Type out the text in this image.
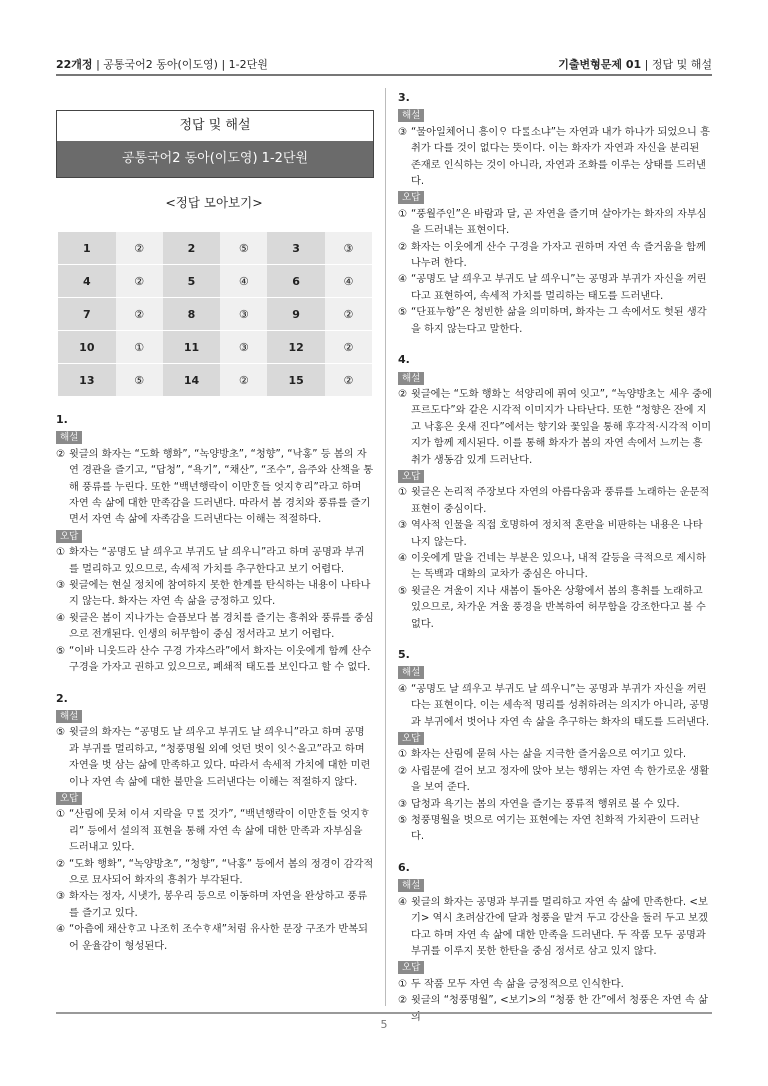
22개정 | 공통국어2 동아(이도영) | 1-2단원	기출변형문제 01 | 정답 및 해설
정답 및 해설
공통국어2 동아(이도영) 1-2단원
<정답 모아보기>
1	②	2	⑤	3	③
4	②	5	④	6	④
7	②	8	③	9	②
10	①	11	③	12	②
13	⑤	14	②	15	②
1.
해설
② 윗글의 화자는 “도화 행화”, “녹양방초”, “청향”, “낙홍” 등 봄의 자연 경관을 즐기고, “답청”, “욕기”, “채산”, “조수”, 음주와 산책을 통해 풍류를 누린다. 또한 “백년행락이 이만ᄒᆞᆫ들 엇지ᄒᆞ리”라고 하며 자연 속 삶에 대한 만족감을 드러낸다. 따라서 봄 경치와 풍류를 즐기면서 자연 속 삶에 자족감을 드러낸다는 이해는 적절하다.
오답
① 화자는 “공명도 날 ᄭᅴ우고 부귀도 날 ᄭᅴ우니”라고 하며 공명과 부귀를 멀리하고 있으므로, 속세적 가치를 추구한다고 보기 어렵다.
③ 윗글에는 현실 정치에 참여하지 못한 한계를 탄식하는 내용이 나타나지 않는다. 화자는 자연 속 삶을 긍정하고 있다.
④ 윗글은 봄이 지나가는 슬픔보다 봄 경치를 즐기는 흥취와 풍류를 중심으로 전개된다. 인생의 허무함이 중심 정서라고 보기 어렵다.
⑤ “이바 니웃드라 산수 구경 가쟈스라”에서 화자는 이웃에게 함께 산수 구경을 가자고 권하고 있으므로, 폐쇄적 태도를 보인다고 할 수 없다.
2.
해설
⑤ 윗글의 화자는 “공명도 날 ᄭᅴ우고 부귀도 날 ᄭᅴ우니”라고 하며 공명과 부귀를 멀리하고, “청풍명월 외예 엇던 벗이 잇ᄉᆞ올고”라고 하며 자연을 벗 삼는 삶에 만족하고 있다. 따라서 속세적 가치에 대한 미련이나 자연 속 삶에 대한 불만을 드러낸다는 이해는 적절하지 않다.
오답
① “산림에 뭇쳐 이셔 지락을 ᄆᆞᄅᆞᆯ 것가”, “백년행락이 이만ᄒᆞᆫ들 엇지ᄒᆞ리” 등에서 설의적 표현을 통해 자연 속 삶에 대한 만족과 자부심을 드러내고 있다.
② “도화 행화”, “녹양방초”, “청향”, “낙홍” 등에서 봄의 정경이 감각적으로 묘사되어 화자의 흥취가 부각된다.
③ 화자는 정자, 시냇가, 봉우리 등으로 이동하며 자연을 완상하고 풍류를 즐기고 있다.
④ “아츰에 채산ᄒᆞ고 나조ᄒᆡ 조수ᄒᆞ새”처럼 유사한 문장 구조가 반복되어 운율감이 형성된다.
3.
해설
③ “물아일체어니 흥이ᄋᆞ 다ᄅᆞᆯ소냐”는 자연과 내가 하나가 되었으니 흥취가 다를 것이 없다는 뜻이다. 이는 화자가 자연과 자신을 분리된 존재로 인식하는 것이 아니라, 자연과 조화를 이루는 상태를 드러낸다.
오답
① “풍월주인”은 바람과 달, 곧 자연을 즐기며 살아가는 화자의 자부심을 드러내는 표현이다.
② 화자는 이웃에게 산수 구경을 가자고 권하며 자연 속 즐거움을 함께 나누려 한다.
④ “공명도 날 ᄭᅴ우고 부귀도 날 ᄭᅴ우니”는 공명과 부귀가 자신을 꺼린다고 표현하여, 속세적 가치를 멀리하는 태도를 드러낸다.
⑤ “단표누항”은 청빈한 삶을 의미하며, 화자는 그 속에서도 헛된 생각을 하지 않는다고 말한다.
4.
해설
② 윗글에는 “도화 행화ᄂᆞᆫ 석양리에 퓌여 잇고”, “녹양방초ᄂᆞᆫ 세우 중에 프르도다”와 같은 시각적 이미지가 나타난다. 또한 “청향은 잔에 지고 낙홍은 옷새 진다”에서는 향기와 꽃잎을 통해 후각적·시각적 이미지가 함께 제시된다. 이를 통해 화자가 봄의 자연 속에서 느끼는 흥취가 생동감 있게 드러난다.
오답
① 윗글은 논리적 주장보다 자연의 아름다움과 풍류를 노래하는 운문적 표현이 중심이다.
③ 역사적 인물을 직접 호명하여 정치적 혼란을 비판하는 내용은 나타나지 않는다.
④ 이웃에게 말을 건네는 부분은 있으나, 내적 갈등을 극적으로 제시하는 독백과 대화의 교차가 중심은 아니다.
⑤ 윗글은 겨울이 지나 새봄이 돌아온 상황에서 봄의 흥취를 노래하고 있으므로, 차가운 겨울 풍경을 반복하여 허무함을 강조한다고 볼 수 없다.
5.
해설
④ “공명도 날 ᄭᅴ우고 부귀도 날 ᄭᅴ우니”는 공명과 부귀가 자신을 꺼린다는 표현이다. 이는 세속적 명리를 성취하려는 의지가 아니라, 공명과 부귀에서 벗어나 자연 속 삶을 추구하는 화자의 태도를 드러낸다.
오답
① 화자는 산림에 묻혀 사는 삶을 지극한 즐거움으로 여기고 있다.
② 사립문에 걸어 보고 정자에 앉아 보는 행위는 자연 속 한가로운 생활을 보여 준다.
③ 답청과 욕기는 봄의 자연을 즐기는 풍류적 행위로 볼 수 있다.
⑤ 청풍명월을 벗으로 여기는 표현에는 자연 친화적 가치관이 드러난다.
6.
해설
④ 윗글의 화자는 공명과 부귀를 멀리하고 자연 속 삶에 만족한다. <보기> 역시 초려삼간에 달과 청풍을 맡겨 두고 강산을 둘러 두고 보겠다고 하며 자연 속 삶에 대한 만족을 드러낸다. 두 작품 모두 공명과 부귀를 이루지 못한 한탄을 중심 정서로 삼고 있지 않다.
오답
① 두 작품 모두 자연 속 삶을 긍정적으로 인식한다.
② 윗글의 “청풍명월”, <보기>의 “청풍 한 간”에서 청풍은 자연 속 삶의
5
